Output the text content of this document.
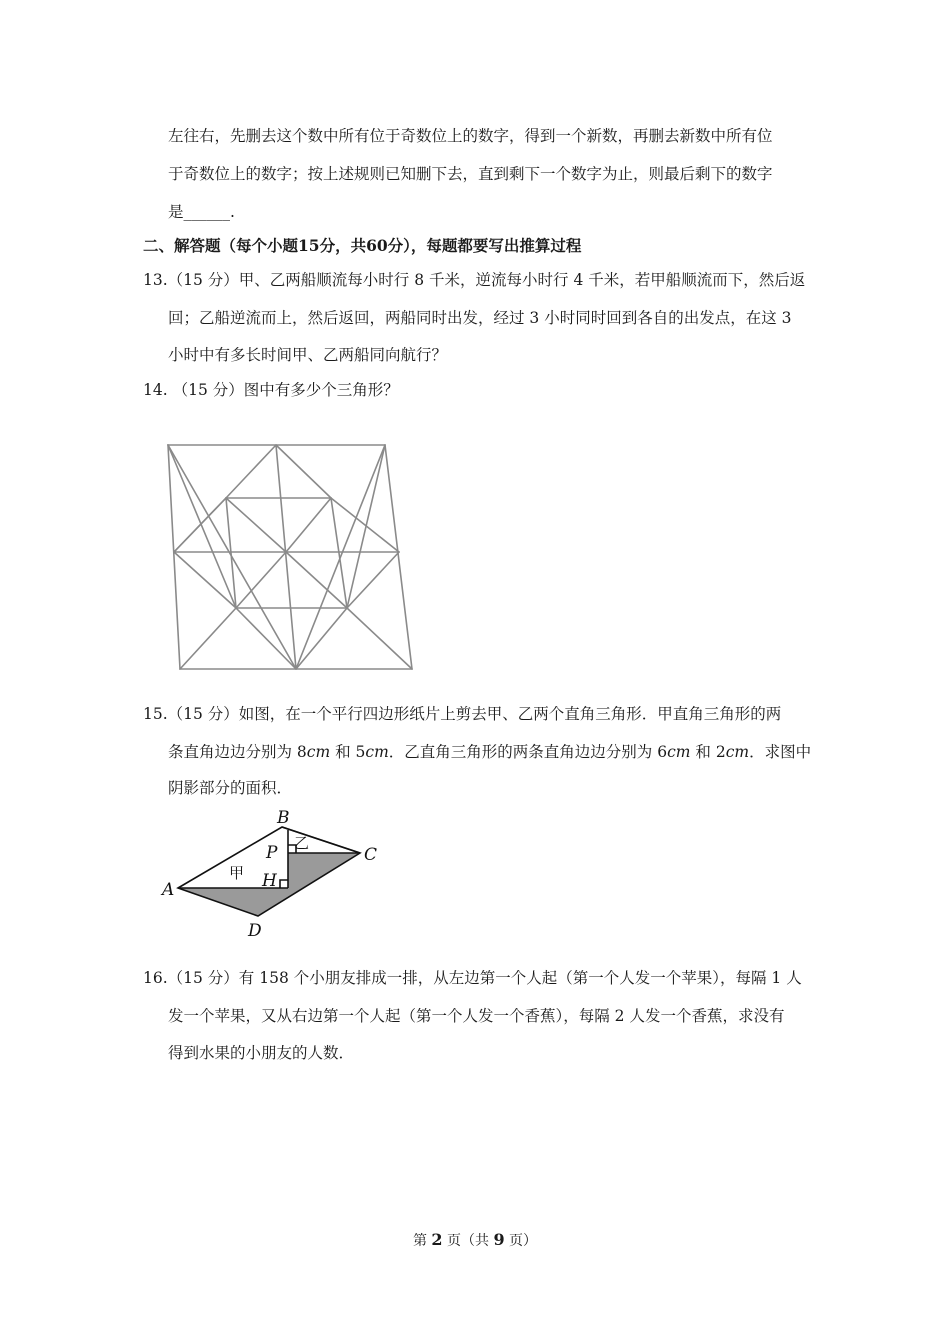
左往右，先删去这个数中所有位于奇数位上的数字，得到一个新数，再删去新数中所有位
于奇数位上的数字；按上述规则已知删下去，直到剩下一个数字为止，则最后剩下的数字
是______.
二、解答题（每个小题15分，共60分），每题都要写出推算过程
13.（15 分）甲、乙两船顺流每小时行 8 千米，逆流每小时行 4 千米，若甲船顺流而下，然后返
回；乙船逆流而上，然后返回，两船同时出发，经过 3 小时同时回到各自的出发点，在这 3
小时中有多长时间甲、乙两船同向航行？
14. （15 分）图中有多少个三角形？
15.（15 分）如图，在一个平行四边形纸片上剪去甲、乙两个直角三角形．甲直角三角形的两
条直角边边分别为 8cm 和 5cm．乙直角三角形的两条直角边边分别为 6cm 和 2cm．求图中
阴影部分的面积．
A
B
C
D
P
H
甲
乙
16.（15 分）有 158 个小朋友排成一排，从左边第一个人起（第一个人发一个苹果），每隔 1 人
发一个苹果，又从右边第一个人起（第一个人发一个香蕉），每隔 2 人发一个香蕉，求没有
得到水果的小朋友的人数．
第 2 页（共 9 页）
